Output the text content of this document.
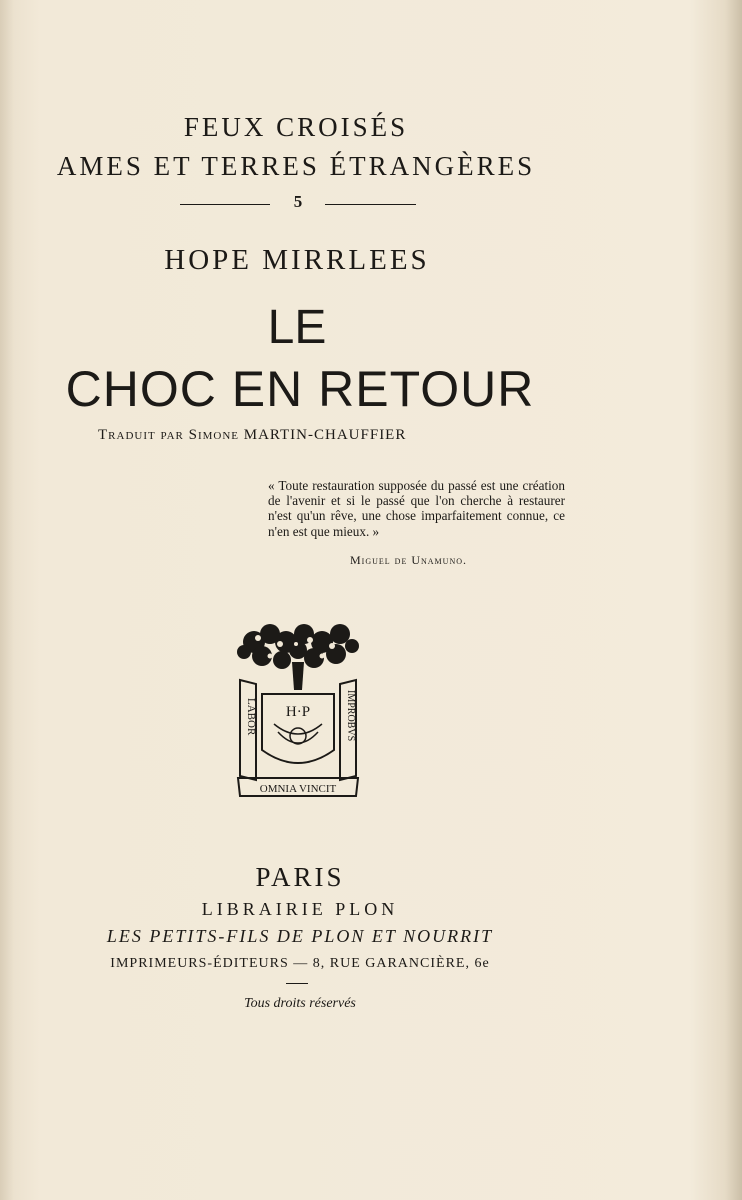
FEUX CROISÉS
AMES ET TERRES ÉTRANGÈRES
5
HOPE MIRRLEES
LE
CHOC EN RETOUR
Traduit par Simone MARTIN-CHAUFFIER
« Toute restauration supposée du passé est une création de l'avenir et si le passé que l'on cherche à restaurer n'est qu'un rêve, une chose imparfaitement connue, ce n'en est que mieux. »
Miguel de Unamuno.
LABOR	IMPROBVS
H·P
OMNIA VINCIT
PARIS
LIBRAIRIE PLON
LES PETITS-FILS DE PLON ET NOURRIT
IMPRIMEURS-ÉDITEURS — 8, RUE GARANCIÈRE, 6e
Tous droits réservés
